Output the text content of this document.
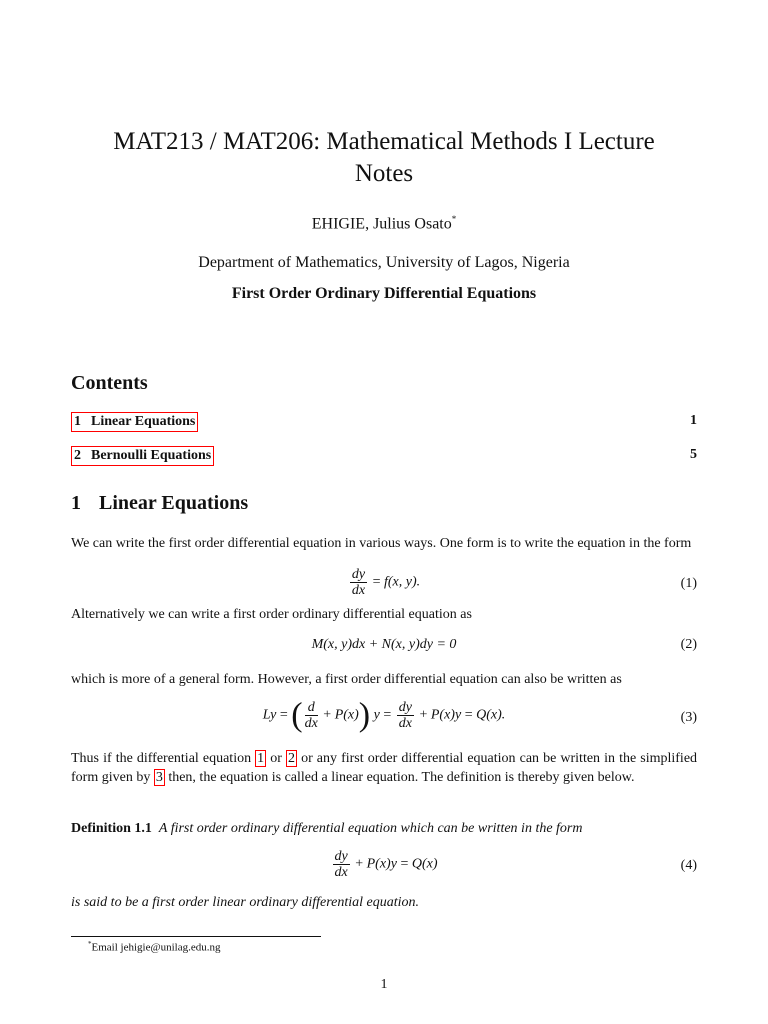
MAT213 / MAT206: Mathematical Methods I Lecture
Notes
EHIGIE, Julius Osato*
Department of Mathematics, University of Lagos, Nigeria
First Order Ordinary Differential Equations
Contents
1 Linear Equations	1
2 Bernoulli Equations	5
1 Linear Equations
We can write the first order differential equation in various ways. One form is to write the equation in the form
$\frac{dy}{dx} = f(x$, y).	(1)
Alternatively we can write a first order ordinary differential equation as
M(x, y)dx + N(x, y)dy = 0	(2)
which is more of a general form. However, a first order differential equation can also be written as
Ly = ( $\frac{d}{dx} + P(x)$) $y = \frac{dy}{dx} + P(x)y = Q(x)$.	(3)
Thus if the differential equation 1 or 2 or any first order differential equation can be written in the simplified form given by 3 then, the equation is called a linear equation. The definition is thereby given below.
Definition 1.1 A first order ordinary differential equation which can be written in the form
$\frac{dy}{dx} + P(x)y = Q(x)$	(4)
is said to be a first order linear ordinary differential equation.
*Email jehigie@unilag.edu.ng
1
